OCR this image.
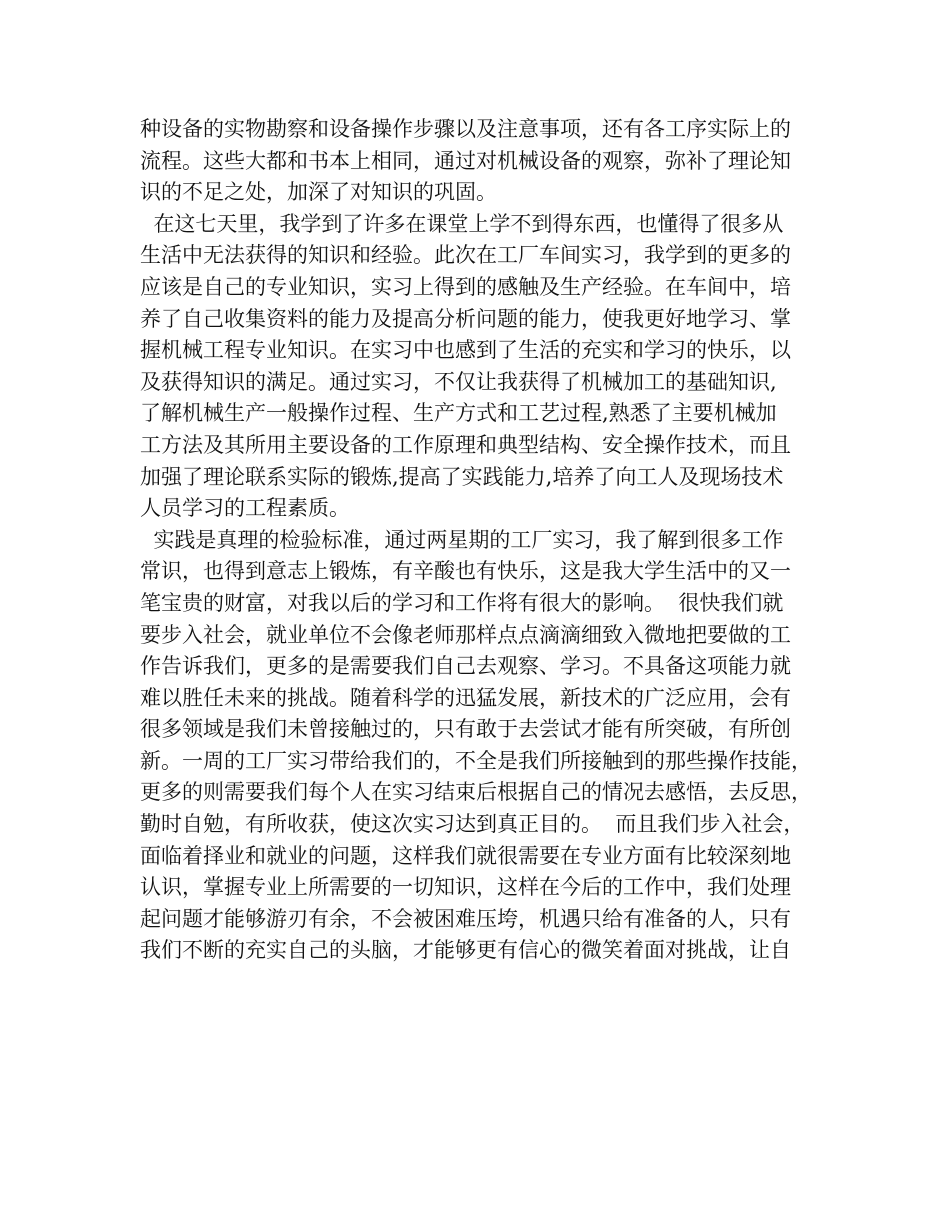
种设备的实物勘察和设备操作步骤以及注意事项，还有各工序实际上的
流程。这些大都和书本上相同，通过对机械设备的观察，弥补了理论知
识的不足之处，加深了对知识的巩固。
在这七天里，我学到了许多在课堂上学不到得东西，也懂得了很多从
生活中无法获得的知识和经验。此次在工厂车间实习，我学到的更多的
应该是自己的专业知识，实习上得到的感触及生产经验。在车间中，培
养了自己收集资料的能力及提高分析问题的能力，使我更好地学习、掌
握机械工程专业知识。在实习中也感到了生活的充实和学习的快乐，以
及获得知识的满足。通过实习，不仅让我获得了机械加工的基础知识,
了解机械生产一般操作过程、生产方式和工艺过程,熟悉了主要机械加
工方法及其所用主要设备的工作原理和典型结构、安全操作技术，而且
加强了理论联系实际的锻炼,提高了实践能力,培养了向工人及现场技术
人员学习的工程素质。
实践是真理的检验标准，通过两星期的工厂实习，我了解到很多工作
常识，也得到意志上锻炼，有辛酸也有快乐，这是我大学生活中的又一
笔宝贵的财富，对我以后的学习和工作将有很大的影响。  很快我们就
要步入社会，就业单位不会像老师那样点点滴滴细致入微地把要做的工
作告诉我们，更多的是需要我们自己去观察、学习。不具备这项能力就
难以胜任未来的挑战。随着科学的迅猛发展，新技术的广泛应用，会有
很多领域是我们未曾接触过的，只有敢于去尝试才能有所突破，有所创
新。一周的工厂实习带给我们的，不全是我们所接触到的那些操作技能，
更多的则需要我们每个人在实习结束后根据自己的情况去感悟，去反思，
勤时自勉，有所收获，使这次实习达到真正目的。  而且我们步入社会，
面临着择业和就业的问题，这样我们就很需要在专业方面有比较深刻地
认识，掌握专业上所需要的一切知识，这样在今后的工作中，我们处理
起问题才能够游刃有余，不会被困难压垮，机遇只给有准备的人，只有
我们不断的充实自己的头脑，才能够更有信心的微笑着面对挑战，让自
